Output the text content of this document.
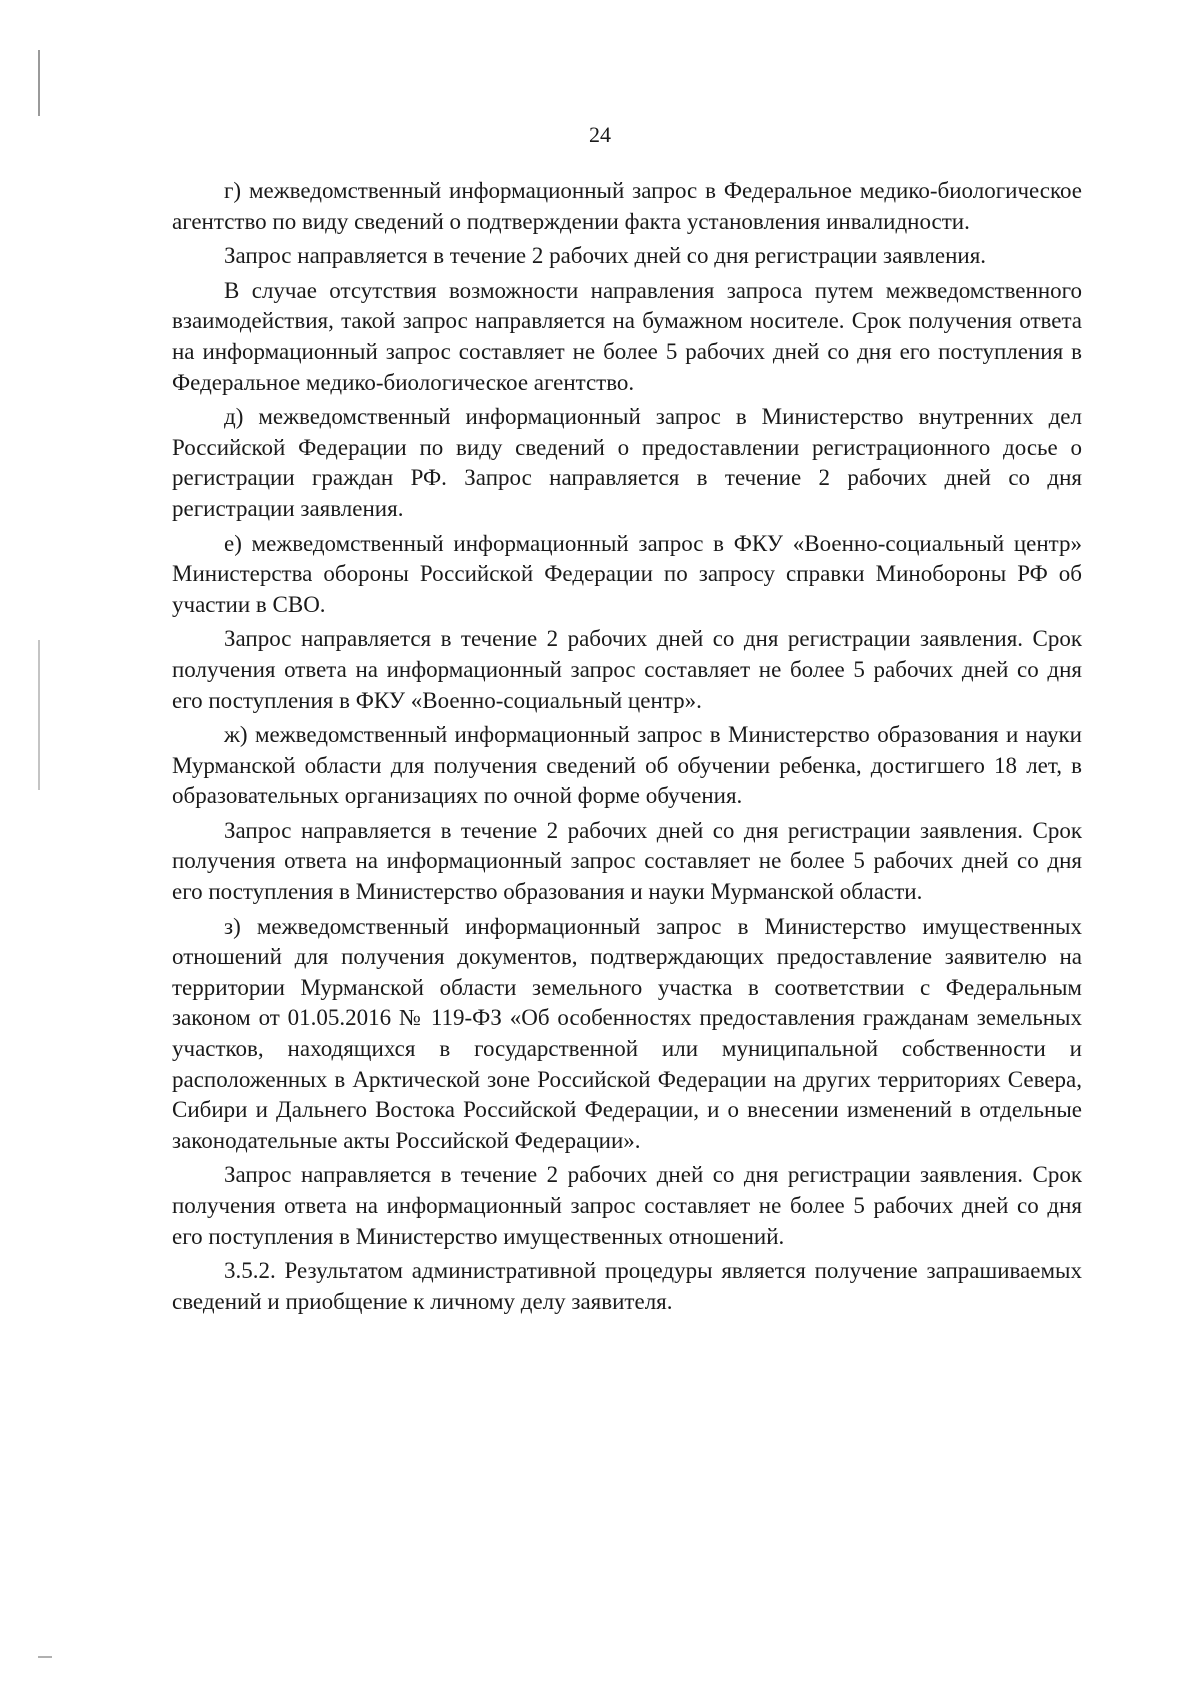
24

г) межведомственный информационный запрос в Федеральное медико-биологическое агентство по виду сведений о подтверждении факта установления инвалидности.

Запрос направляется в течение 2 рабочих дней со дня регистрации заявления.

В случае отсутствия возможности направления запроса путем межведомственного взаимодействия, такой запрос направляется на бумажном носителе. Срок получения ответа на информационный запрос составляет не более 5 рабочих дней со дня его поступления в Федеральное медико-биологическое агентство.

д) межведомственный информационный запрос в Министерство внутренних дел Российской Федерации по виду сведений о предоставлении регистрационного досье о регистрации граждан РФ. Запрос направляется в течение 2 рабочих дней со дня регистрации заявления.

е) межведомственный информационный запрос в ФКУ «Военно-социальный центр» Министерства обороны Российской Федерации по запросу справки Минобороны РФ об участии в СВО.

Запрос направляется в течение 2 рабочих дней со дня регистрации заявления. Срок получения ответа на информационный запрос составляет не более 5 рабочих дней со дня его поступления в ФКУ «Военно-социальный центр».

ж) межведомственный информационный запрос в Министерство образования и науки Мурманской области для получения сведений об обучении ребенка, достигшего 18 лет, в образовательных организациях по очной форме обучения.

Запрос направляется в течение 2 рабочих дней со дня регистрации заявления. Срок получения ответа на информационный запрос составляет не более 5 рабочих дней со дня его поступления в Министерство образования и науки Мурманской области.

з) межведомственный информационный запрос в Министерство имущественных отношений для получения документов, подтверждающих предоставление заявителю на территории Мурманской области земельного участка в соответствии с Федеральным законом от 01.05.2016 № 119-ФЗ «Об особенностях предоставления гражданам земельных участков, находящихся в государственной или муниципальной собственности и расположенных в Арктической зоне Российской Федерации на других территориях Севера, Сибири и Дальнего Востока Российской Федерации, и о внесении изменений в отдельные законодательные акты Российской Федерации».

Запрос направляется в течение 2 рабочих дней со дня регистрации заявления. Срок получения ответа на информационный запрос составляет не более 5 рабочих дней со дня его поступления в Министерство имущественных отношений.

3.5.2. Результатом административной процедуры является получение запрашиваемых сведений и приобщение к личному делу заявителя.
